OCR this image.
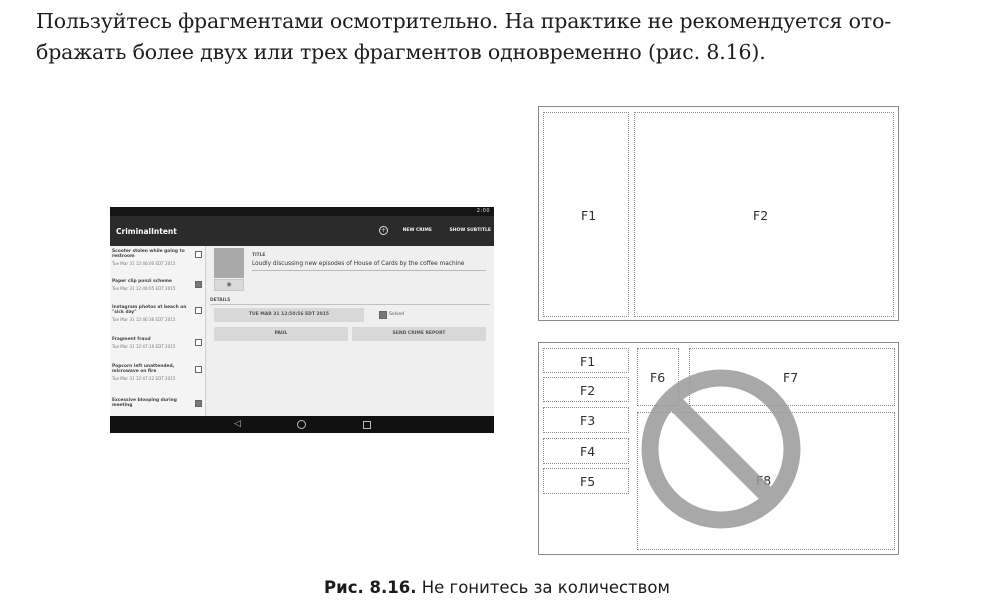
Пользуйтесь фрагментами осмотрительно. На практике не рекомендуется ото-
бражать более двух или трех фрагментов одновременно (рис. 8.16).

2:00
CriminalIntent	+	NEW CRIME	SHOW SUBTITLE
Scooter stolen while going to restroom
Tue Mar 31 12:46:00 EDT 2015
Paper clip ponzi scheme
Tue Mar 31 12:46:05 EDT 2015
Instagram photos at beach on "sick day"
Tue Mar 31 12:46:36 EDT 2015
Fragment fraud
Tue Mar 31 12:47:16 EDT 2015
Popcorn left unattended, microwave on fire
Tue Mar 31 12:47:22 EDT 2015
Excessive blooping during meeting
◉
TITLE
Loudly discussing new episodes of House of Cards by the coffee machine
DETAILS
TUE MAR 31 12:50:56 EDT 2015	Solved
PAUL	SEND CRIME REPORT
◁
F1	F2
F1
F2
F3
F4
F5
F6	F7
F8
Рис. 8.16. Не гонитесь за количеством
